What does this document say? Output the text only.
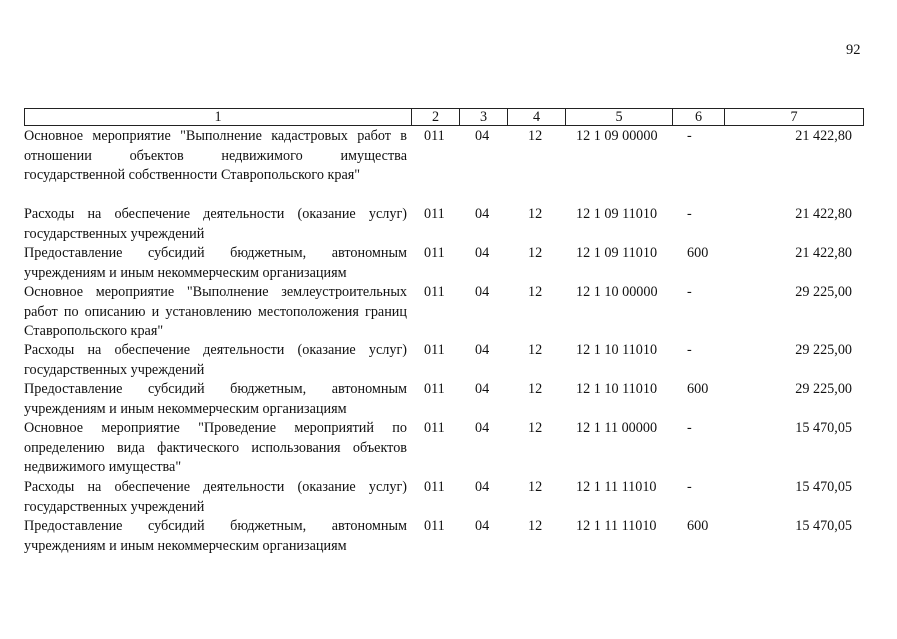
92
1	2	3	4	5	6	7
Основное мероприятие "Выполнение кадастровых работ в отношении объектов недвижимого имущества государственной собственности Ставропольского края"
011	04	12	12 1 09 00000	-	21 422,80
Расходы на обеспечение деятельности (оказание услуг) государственных учреждений
011	04	12	12 1 09 11010	-	21 422,80
Предоставление субсидий бюджетным, автономным учреждениям и иным некоммерческим организациям
011	04	12	12 1 09 11010	600	21 422,80
Основное мероприятие "Выполнение землеустроительных работ по описанию и установлению местоположения границ Ставропольского края"
011	04	12	12 1 10 00000	-	29 225,00
Расходы на обеспечение деятельности (оказание услуг) государственных учреждений
011	04	12	12 1 10 11010	-	29 225,00
Предоставление субсидий бюджетным, автономным учреждениям и иным некоммерческим организациям
011	04	12	12 1 10 11010	600	29 225,00
Основное мероприятие "Проведение мероприятий по определению вида фактического использования объектов недвижимого имущества"
011	04	12	12 1 11 00000	-	15 470,05
Расходы на обеспечение деятельности (оказание услуг) государственных учреждений
011	04	12	12 1 11 11010	-	15 470,05
Предоставление субсидий бюджетным, автономным учреждениям и иным некоммерческим организациям
011	04	12	12 1 11 11010	600	15 470,05
